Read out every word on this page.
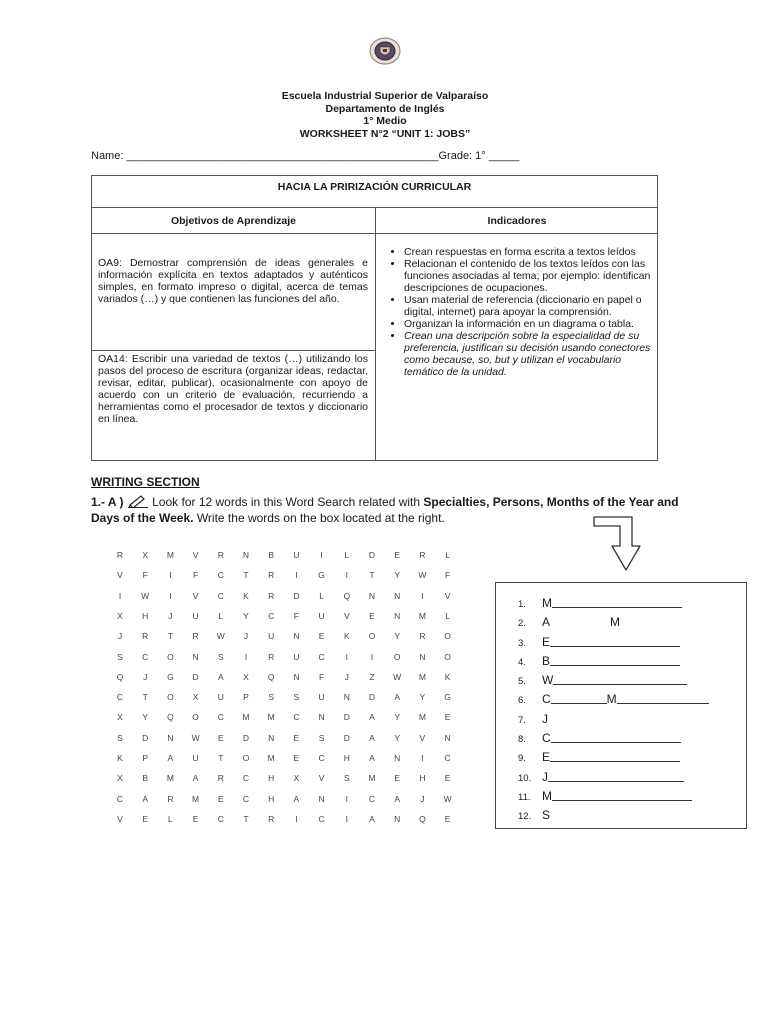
Escuela Industrial Superior de Valparaíso
Departamento de Inglés
1° Medio
WORKSHEET N°2 “UNIT 1: JOBS”
Name: ___________________________________________________Grade: 1° _____
HACIA LA PRIRIZACIÓN CURRICULAR
Objetivos de Aprendizaje	Indicadores
OA9: Demostrar comprensión de ideas generales e información explícita en textos adaptados y auténticos simples, en formato impreso o digital, acerca de temas variados (…) y que contienen las funciones del año.
OA14: Escribir una variedad de textos (…) utilizando los pasos del proceso de escritura (organizar ideas, redactar, revisar, editar, publicar), ocasionalmente con apoyo de acuerdo con un criterio de evaluación, recurriendo a herramientas como el procesador de textos y diccionario en línea.
• Crean respuestas en forma escrita a textos leídos
• Relacionan el contenido de los textos leídos con las funciones asociadas al tema; por ejemplo: identifican descripciones de ocupaciones.
• Usan material de referencia (diccionario en papel o digital, internet) para apoyar la comprensión.
• Organizan la información en un diagrama o tabla.
• Crean una descripción sobre la especialidad de su preferencia, justifican su decisión usando conectores como because, so, but y utilizan el vocabulario temático de la unidad.
WRITING SECTION
1.- A )  Look for 12 words in this Word Search related with Specialties, Persons, Months of the Year and Days of the Week. Write the words on the box located at the right.
R	X	M	V	R	N	B	U	I	L	D	E	R	L
V	F	I	F	C	T	R	I	G	I	T	Y	W	F
I	W	I	V	C	K	R	D	L	Q	N	N	I	V
X	H	J	U	L	Y	C	F	U	V	E	N	M	L
J	R	T	R	W	J	U	N	E	K	O	Y	R	O
S	C	O	N	S	I	R	U	C	I	I	O	N	O
Q	J	G	D	A	X	Q	N	F	J	Z	W	M	K
C	T	O	X	U	P	S	S	U	N	D	A	Y	G
X	Y	Q	O	C	M	M	C	N	D	A	Y	M	E
S	D	N	W	E	D	N	E	S	D	A	Y	V	N
K	P	A	U	T	O	M	E	C	H	A	N	I	C
X	B	M	A	R	C	H	X	V	S	M	E	H	E
C	A	R	M	E	C	H	A	N	I	C	A	J	W
V	E	L	E	C	T	R	I	C	I	A	N	Q	E
1. M
2. A	M
3. E
4. B
5. W
6. C	M
7. J
8. C
9. E
10. J
11. M
12. S
